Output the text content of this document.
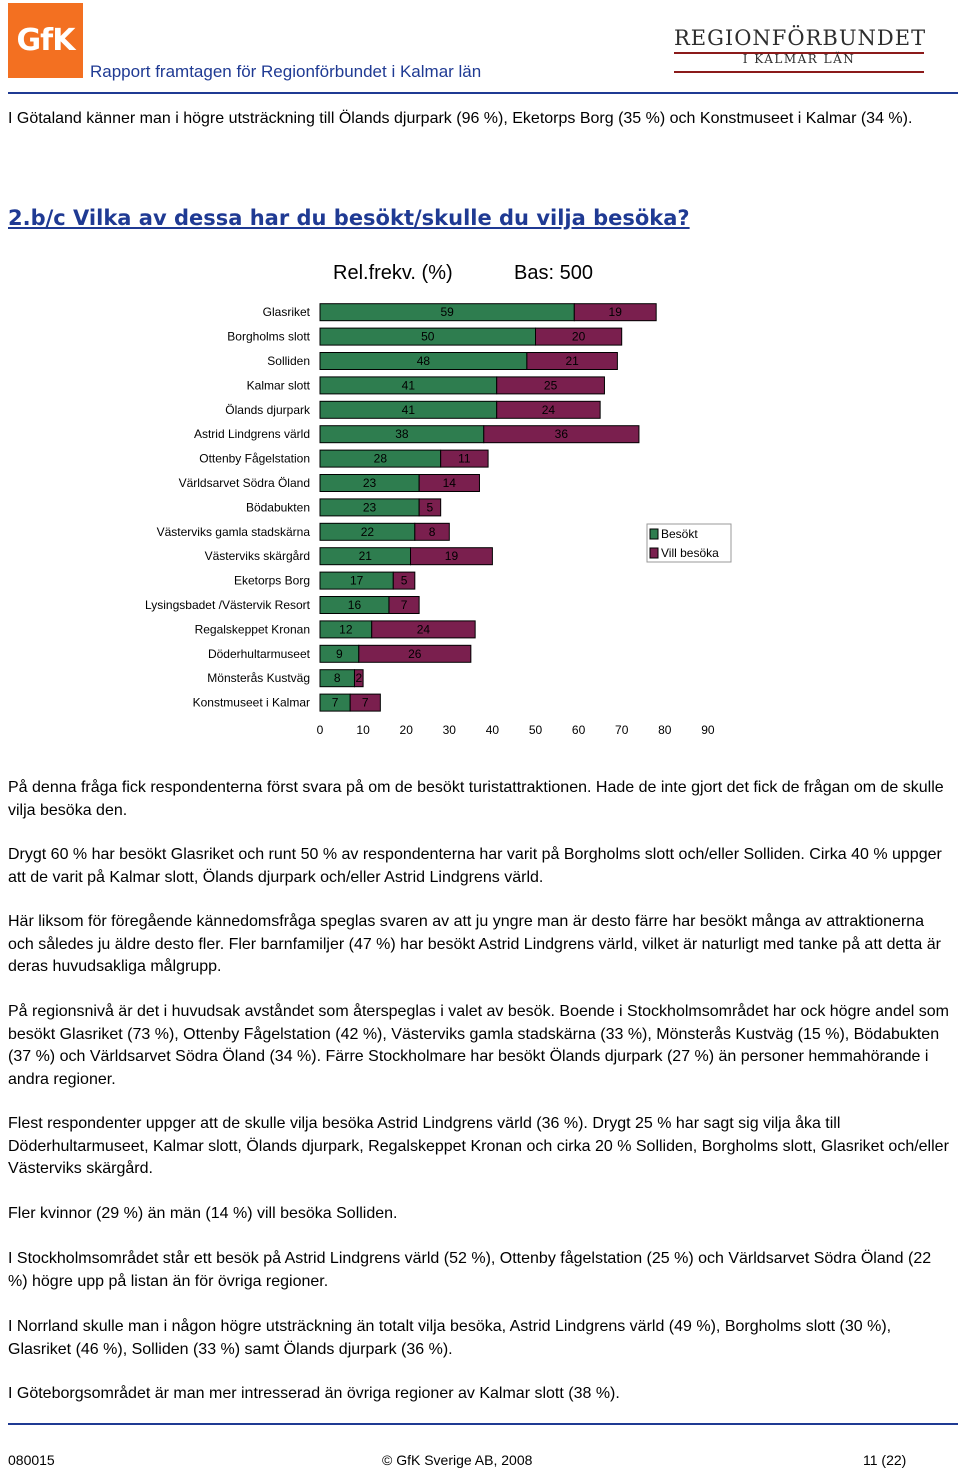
GfK
Rapport framtagen för Regionförbundet i Kalmar län
REGIONFÖRBUNDET
I KALMAR LÄN
I Götaland känner man i högre utsträckning till Ölands djurpark (96 %), Eketorps Borg (35 %) och Konstmuseet i Kalmar (34 %).
2.b/c Vilka av dessa har du besökt/skulle du vilja besöka?
Rel.frekv. (%)	Bas: 500
Glasriket	59	19
Borgholms slott	50	20
Solliden	48	21
Kalmar slott	41	25
Ölands djurpark	41	24
Astrid Lindgrens värld	38	36
Ottenby Fågelstation	28	11
Världsarvet Södra Öland	23	14
Bödabukten	23	5
Västerviks gamla stadskärna	22	8
Västerviks skärgård	21	19
Eketorps Borg	17	5
Lysingsbadet /Västervik Resort	16	7
Regalskeppet Kronan 12	24
Döderhultarmuseet 9	26
Mönsterås Kustväg 8 2
Konstmuseet i Kalmar 7 7
0	10 20 30 40 50 60 70 80 90
Besökt
Vill besöka
På denna fråga fick respondenterna först svara på om de besökt turistattraktionen. Hade de inte gjort det fick de frågan om de skulle vilja besöka den.
Drygt 60 % har besökt Glasriket och runt 50 % av respondenterna har varit på Borgholms slott och/eller Solliden. Cirka 40 % uppger att de varit på Kalmar slott, Ölands djurpark och/eller Astrid Lindgrens värld.
Här liksom för föregående kännedomsfråga speglas svaren av att ju yngre man är desto färre har besökt många av attraktionerna och således ju äldre desto fler. Fler barnfamiljer (47 %) har besökt Astrid Lindgrens värld, vilket är naturligt med tanke på att detta är deras huvudsakliga målgrupp.
På regionsnivå är det i huvudsak avståndet som återspeglas i valet av besök. Boende i Stockholmsområdet har ock högre andel som besökt Glasriket (73 %), Ottenby Fågelstation (42 %), Västerviks gamla stadskärna (33 %), Mönsterås Kustväg (15 %), Bödabukten (37 %) och Världsarvet Södra Öland (34 %). Färre Stockholmare har besökt Ölands djurpark (27 %) än personer hemmahörande i andra regioner.
Flest respondenter uppger att de skulle vilja besöka Astrid Lindgrens värld (36 %). Drygt 25 % har sagt sig vilja åka till Döderhultarmuseet, Kalmar slott, Ölands djurpark, Regalskeppet Kronan och cirka 20 % Solliden, Borgholms slott, Glasriket och/eller Västerviks skärgård.
Fler kvinnor (29 %) än män (14 %) vill besöka Solliden.
I Stockholmsområdet står ett besök på Astrid Lindgrens värld (52 %), Ottenby fågelstation (25 %) och Världsarvet Södra Öland (22 %) högre upp på listan än för övriga regioner.
I Norrland skulle man i någon högre utsträckning än totalt vilja besöka, Astrid Lindgrens värld (49 %), Borgholms slott (30 %), Glasriket (46 %), Solliden (33 %) samt Ölands djurpark (36 %).
I Göteborgsområdet är man mer intresserad än övriga regioner av Kalmar slott (38 %).
080015	© GfK Sverige AB, 2008	11 (22)
